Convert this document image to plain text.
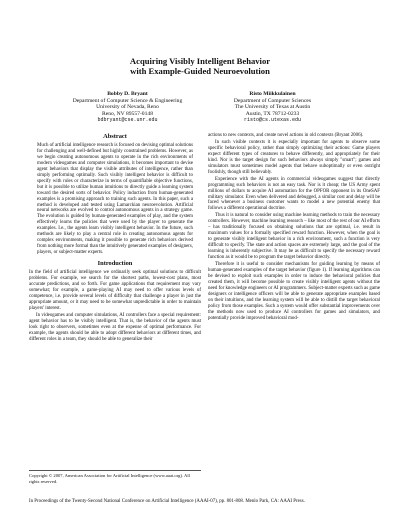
Acquiring Visibly Intelligent Behavior
with Example-Guided Neuroevolution
Bobby D. Bryant
Department of Computer Science & Engineering
University of Nevada, Reno
Reno, NV 89557-0148
bdbryant@cse.unr.edu
Risto Miikkulainen
Department of Computer Sciences
The University of Texas at Austin
Austin, TX 78712-0233
risto@cs.utexas.edu
Abstract

Much of artificial intelligence research is focused on devising optimal solutions for challenging and well-defined but highly constrained problems. However, as we begin creating autonomous agents to operate in the rich environments of modern videogames and computer simulations, it becomes important to devise agent behaviors that display the visible attributes of intelligence, rather than simply performing optimally. Such visibly intelligent behavior is difficult to specify with rules or characterize in terms of quantifiable objective functions, but it is possible to utilize human intuitions to directly guide a learning system toward the desired sorts of behavior. Policy induction from human-generated examples is a promising approach to training such agents. In this paper, such a method is developed and tested using Lamarckian neuroevolution. Artificial neural networks are evolved to control autonomous agents in a strategy game. The evolution is guided by human-generated examples of play, and the system effectively learns the policies that were used by the player to generate the examples. I.e., the agents learn visibly intelligent behavior. In the future, such methods are likely to play a central role in creating autonomous agents for complex environments, making it possible to generate rich behaviors derived from nothing more formal than the intuitively generated examples of designers, players, or subject-matter experts.

Introduction

In the field of artificial intelligence we ordinarily seek optimal solutions to difficult problems. For example, we search for the shortest paths, lowest-cost plans, most accurate predictions, and so forth. For game applications that requirement may vary somewhat; for example, a game-playing AI may need to offer various levels of competence, i.e. provide several levels of difficulty that challenge a player in just the appropriate amount, or it may need to be somewhat unpredictable in order to maintain players' interest.

In videogames and computer simulations, AI controllers face a special requirement: agent behavior has to be visibly intelligent. That is, the behavior of the agents must look right to observers, sometimes even at the expense of optimal performance. For example, the agents should be able to adopt different behaviors at different times, and different roles in a team, they should be able to generalize their

Copyright © 2007, American Association for Artificial Intelligence (www.aaai.org). All rights reserved.

actions to new contexts, and create novel actions in old contexts (Bryant 2006).

In such visible contexts it is especially important for agents to observe some specific behavioral policy, rather than simply optimizing their actions: Game players expect different types of creatures to behave differently, and appropriately for their kind. Nor is the target design for such behaviors always simply "smart"; games and simulators must sometimes model agents that behave suboptimally or even outright foolishly, though still believably.

Experience with the AI agents in commercial videogames suggest that directly programming such behaviors is not an easy task. Nor is it cheap; the US Army spent millions of dollars to acquire AI automation for the OPFOR opponent in its OneSAF military simulator. Even when delivered and debugged, a similar cost and delay will be faced whenever a business customer wants to model a new potential enemy that follows a different operational doctrine.

Thus it is natural to consider using machine learning methods to train the necessary controllers. However, machine learning research – like most of the rest of our AI efforts – has traditionally focused on obtaining solutions that are optimal, i.e. result in maximum values for a formally specified reward function. However, when the goal is to generate visibly intelligent behavior in a rich environment, such a function is very difficult to specify. The state and action spaces are extremely large, and the goal of the learning is inherently subjective. It may be as difficult to specify the necessary reward function as it would be to program the target behavior directly.

Therefore it is useful to consider mechanisms for guiding learning by means of human-generated examples of the target behavior (figure 1). If learning algorithms can be devised to exploit such examples in order to induce the behavioral policies that created them, it will become possible to create visibly intelligent agents without the need for knowledge engineers or AI programmers. Subject-matter experts such as game designers or intelligence officers will be able to generate appropriate examples based on their intuitions, and the learning system will be able to distill the target behavioral policy from those examples. Such a system would offer substantial improvements over the methods now used to produce AI controllers for games and simulators, and potentially provide improved behavioral mod-

In Proceedings of the Twenty-Second National Conference on Artificial Intelligence (AAAI-07), pp. 801-808. Menlo Park, CA: AAAI Press.
